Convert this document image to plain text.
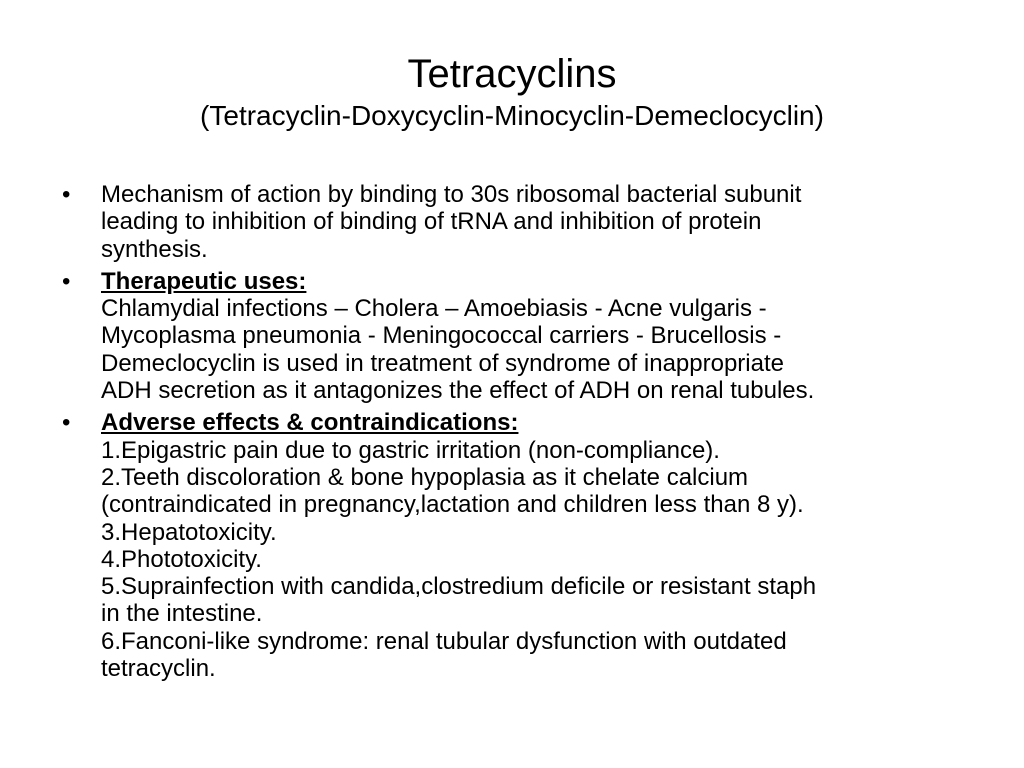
Tetracyclins
(Tetracyclin-Doxycyclin-Minocyclin-Demeclocyclin)
• Mechanism of action by binding to 30s ribosomal bacterial subunit
leading to inhibition of binding of tRNA and inhibition of protein
synthesis.
• Therapeutic uses:
Chlamydial infections – Cholera – Amoebiasis - Acne vulgaris -
Mycoplasma pneumonia - Meningococcal carriers - Brucellosis -
Demeclocyclin is used in treatment of syndrome of inappropriate
ADH secretion as it antagonizes the effect of ADH on renal tubules.
• Adverse effects & contraindications:
1.Epigastric pain due to gastric irritation (non-compliance).
2.Teeth discoloration & bone hypoplasia as it chelate calcium
(contraindicated in pregnancy,lactation and children less than 8 y).
3.Hepatotoxicity.
4.Phototoxicity.
5.Suprainfection with candida,clostredium deficile or resistant staph
in the intestine.
6.Fanconi-like syndrome: renal tubular dysfunction with outdated
tetracyclin.
